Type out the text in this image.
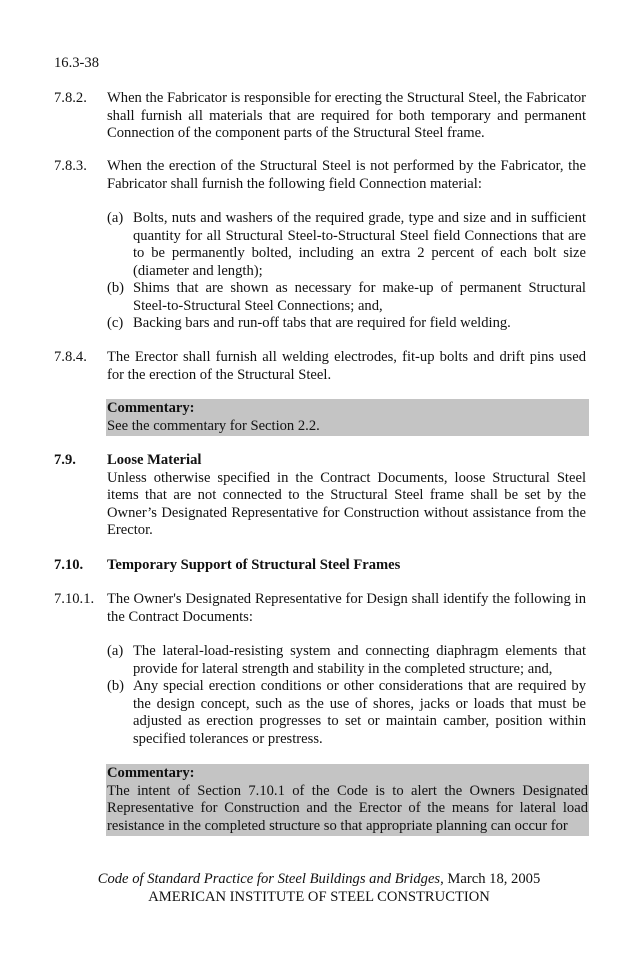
16.3-38
7.8.2. When the Fabricator is responsible for erecting the Structural Steel, the Fabricator shall furnish all materials that are required for both temporary and permanent Connection of the component parts of the Structural Steel frame.
7.8.3. When the erection of the Structural Steel is not performed by the Fabricator, the Fabricator shall furnish the following field Connection material:
(a) Bolts, nuts and washers of the required grade, type and size and in sufficient quantity for all Structural Steel-to-Structural Steel field Connections that are to be permanently bolted, including an extra 2 percent of each bolt size (diameter and length);
(b) Shims that are shown as necessary for make-up of permanent Structural Steel-to-Structural Steel Connections; and,
(c) Backing bars and run-off tabs that are required for field welding.
7.8.4. The Erector shall furnish all welding electrodes, fit-up bolts and drift pins used for the erection of the Structural Steel.
Commentary:
See the commentary for Section 2.2.
7.9. Loose Material
Unless otherwise specified in the Contract Documents, loose Structural Steel items that are not connected to the Structural Steel frame shall be set by the Owner’s Designated Representative for Construction without assistance from the Erector.
7.10. Temporary Support of Structural Steel Frames
7.10.1. The Owner's Designated Representative for Design shall identify the following in the Contract Documents:
(a) The lateral-load-resisting system and connecting diaphragm elements that provide for lateral strength and stability in the completed structure; and,
(b) Any special erection conditions or other considerations that are required by the design concept, such as the use of shores, jacks or loads that must be adjusted as erection progresses to set or maintain camber, position within specified tolerances or prestress.
Commentary:
The intent of Section 7.10.1 of the Code is to alert the Owners Designated Representative for Construction and the Erector of the means for lateral load resistance in the completed structure so that appropriate planning can occur for
Code of Standard Practice for Steel Buildings and Bridges, March 18, 2005
AMERICAN INSTITUTE OF STEEL CONSTRUCTION
